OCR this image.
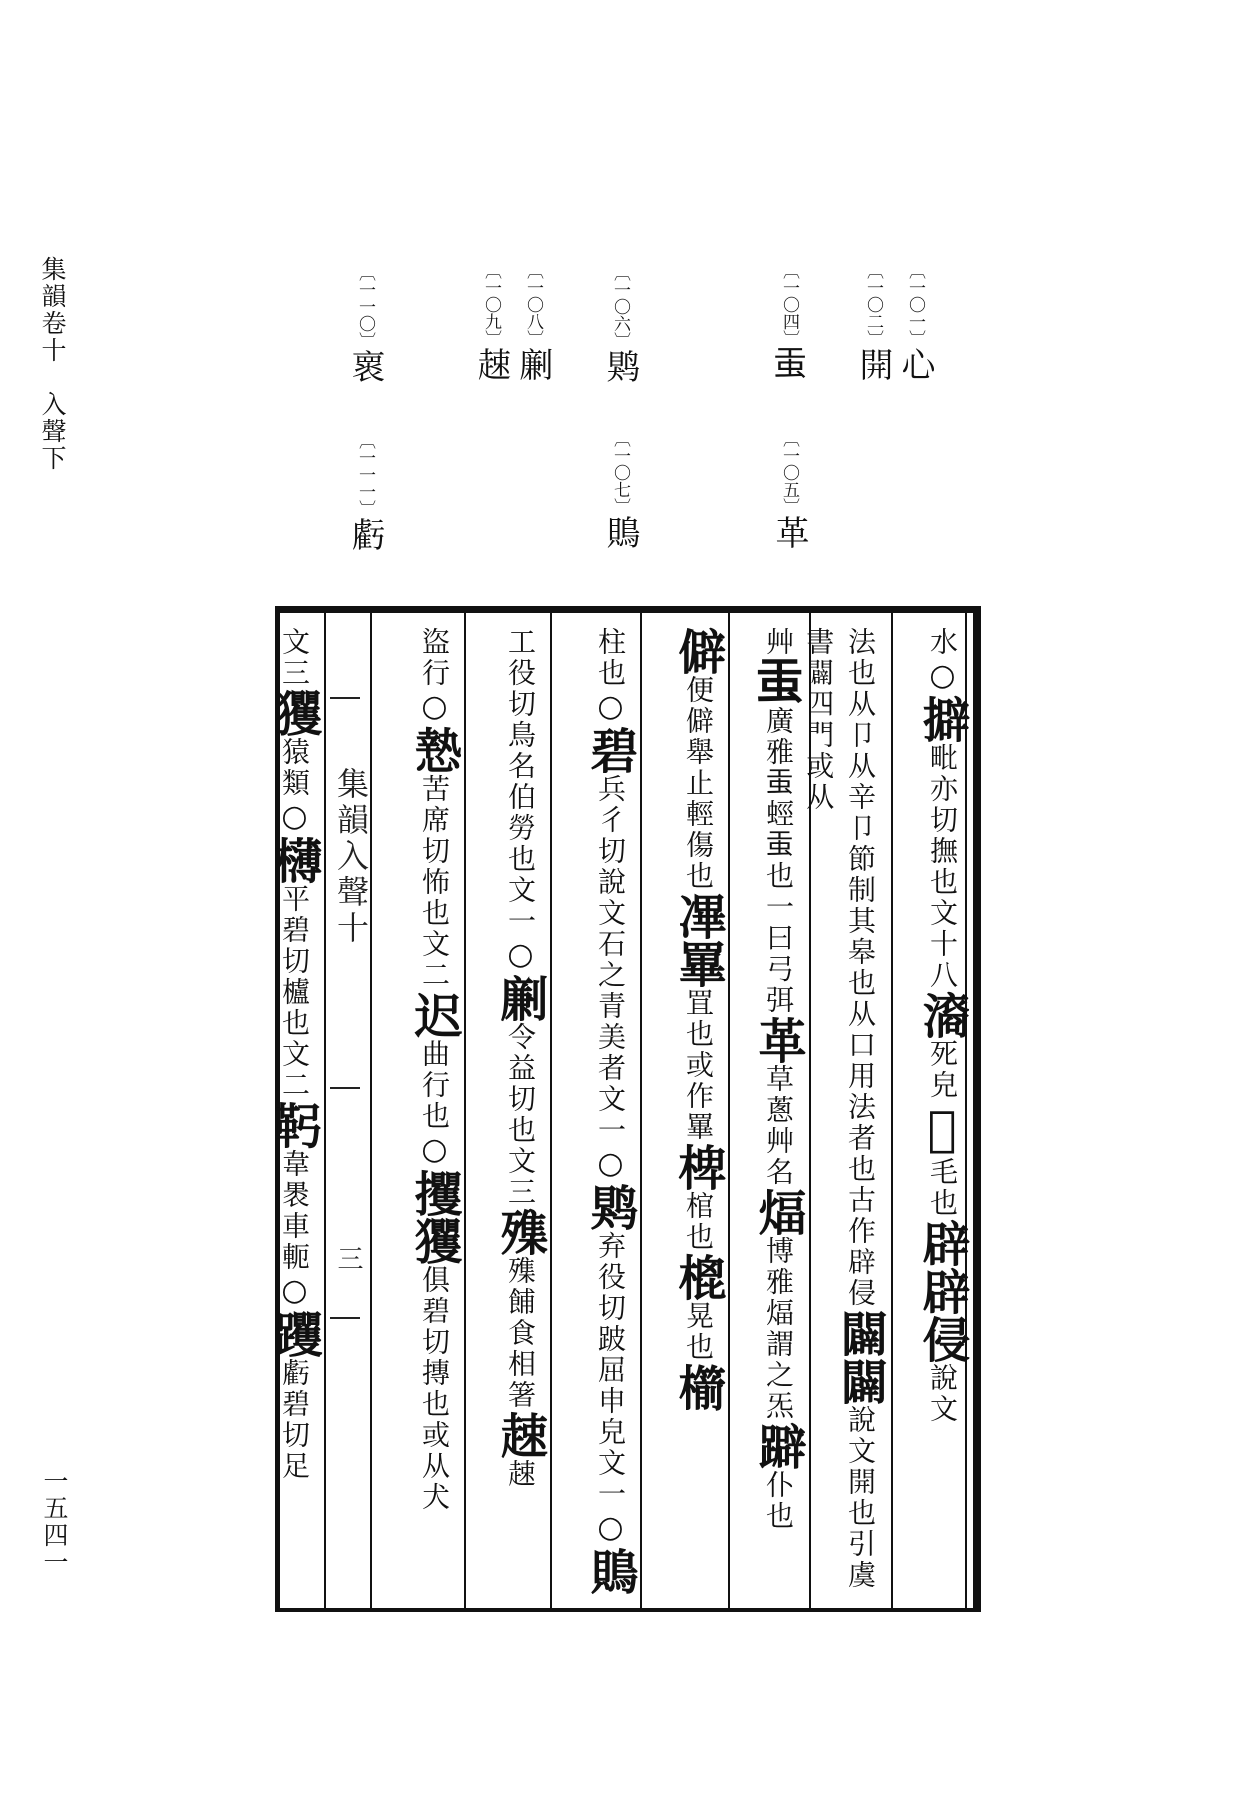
集韻卷十　入聲下
一五四一
〔一〇一〕心
〔一〇二〕開
〔一〇四〕𧈫
〔一〇五〕革
〔一〇六〕䴗
〔一〇七〕鵙
〔一〇八〕劆
〔一〇九〕趚
〔一一〇〕褱
〔一一一〕虧
集韻入聲十
三
水○擗毗亦切撫也文十八㵝死皃𦍰毛也辟辟侵說文
法也从卩从辛卩節制其皋也从口用法者也古作辟侵闢闢說文開也引虞書闢四門或从
艸𧈫廣雅𧈫蛵𧈫也一曰弓弭革草蔥艸名煏博雅煏謂之炁躃仆也
僻便僻舉止輕傷也㓖罼罝也或作罼椑棺也㮰晃也櫤
柱也○碧兵彳切說文石之青美者文一○䴗弃役切跛屈申皃文一○鵙
工役切鳥名伯勞也文一○劆令益切也文三㱷㱷餔食相箸趚趚
盜行○慹苦席切怖也文二迟曲行也○攫玃俱碧切摶也或从犬
文三玃猿類○欂平碧切櫨也文二䩑韋褁車軛○躩虧碧切足
